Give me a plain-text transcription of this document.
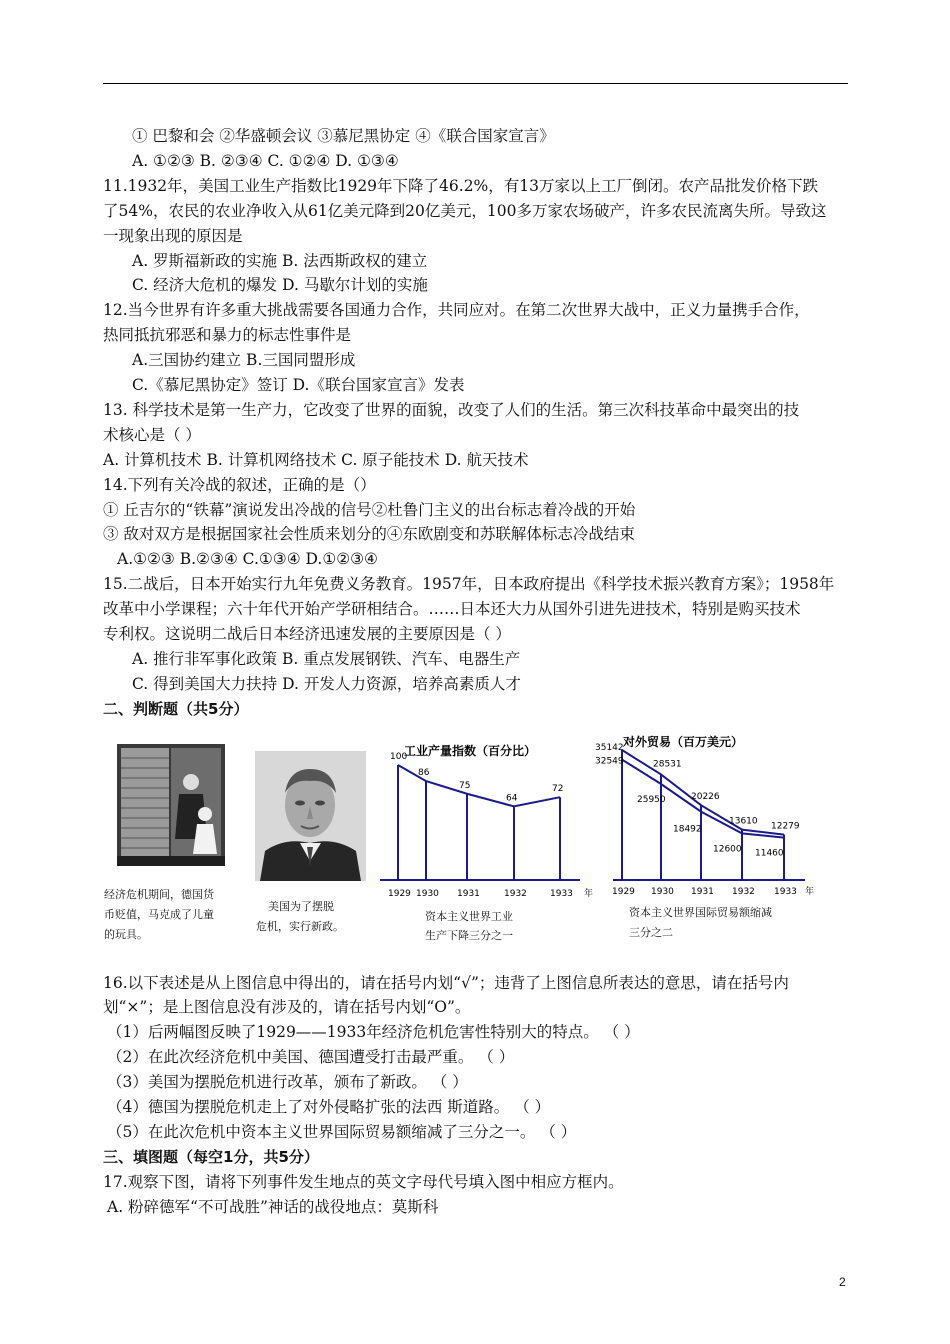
① 巴黎和会 ②华盛顿会议 ③慕尼黑协定 ④《联合国家宣言》
A. ①②③ B. ②③④ C. ①②④ D. ①③④
11.1932年，美国工业生产指数比1929年下降了46.2%，有13万家以上工厂倒闭。农产品批发价格下跌
了54%，农民的农业净收入从61亿美元降到20亿美元，100多万家农场破产，许多农民流离失所。导致这
一现象出现的原因是
A. 罗斯福新政的实施 B. 法西斯政权的建立
C. 经济大危机的爆发 D. 马歇尔计划的实施
12.当今世界有许多重大挑战需要各国通力合作，共同应对。在第二次世界大战中，正义力量携手合作，
热同抵抗邪恶和暴力的标志性事件是
A.三国协约建立 B.三国同盟形成
C.《慕尼黑协定》签订 D.《联台国家宣言》发表
13. 科学技术是第一生产力，它改变了世界的面貌，改变了人们的生活。第三次科技革命中最突出的技
术核心是（ ）
A. 计算机技术 B. 计算机网络技术 C. 原子能技术 D. 航天技术
14.下列有关冷战的叙述，正确的是（）
① 丘吉尔的“铁幕”演说发出冷战的信号②杜鲁门主义的出台标志着冷战的开始
③ 敌对双方是根据国家社会性质来划分的④东欧剧变和苏联解体标志冷战结束
A.①②③ B.②③④ C.①③④ D.①②③④
15.二战后，日本开始实行九年免费义务教育。1957年，日本政府提出《科学技术振兴教育方案》；1958年
改革中小学课程；六十年代开始产学研相结合。……日本还大力从国外引进先进技术，特别是购买技术
专利权。这说明二战后日本经济迅速发展的主要原因是（ ）
A. 推行非军事化政策 B. 重点发展钢铁、汽车、电器生产
C. 得到美国大力扶持 D. 开发人力资源，培养高素质人才
二、判断题（共5分）
经济危机期间，德国货
币贬值，马克成了儿童
的玩具。
美国为了摆脱
危机，实行新政。
工业产量指数（百分比）
100
1929
86
1930
75
1931
64
1932
72
1933 年
资本主义世界工业
生产下降三分之一
对外贸易（百万美元）
1929 1930 1931 1932 1933
35142
32549	28531
25950	20226
18492
13610
12600
12279
11460
年
资本主义世界国际贸易额缩减
三分之二
16.以下表述是从上图信息中得出的，请在括号内划“√”；违背了上图信息所表达的意思，请在括号内
划“×”；是上图信息没有涉及的，请在括号内划“O”。
（1）后两幅图反映了1929——1933年经济危机危害性特别大的特点。 （ ）
（2）在此次经济危机中美国、德国遭受打击最严重。 （ ）
（3）美国为摆脱危机进行改革，颁布了新政。 （ ）
（4）德国为摆脱危机走上了对外侵略扩张的法西 斯道路。 （ ）
（5）在此次危机中资本主义世界国际贸易额缩减了三分之一。 （ ）
三、填图题（每空1分，共5分）
17.观察下图，请将下列事件发生地点的英文字母代号填入图中相应方框内。
A. 粉碎德军“不可战胜”神话的战役地点：莫斯科
2
